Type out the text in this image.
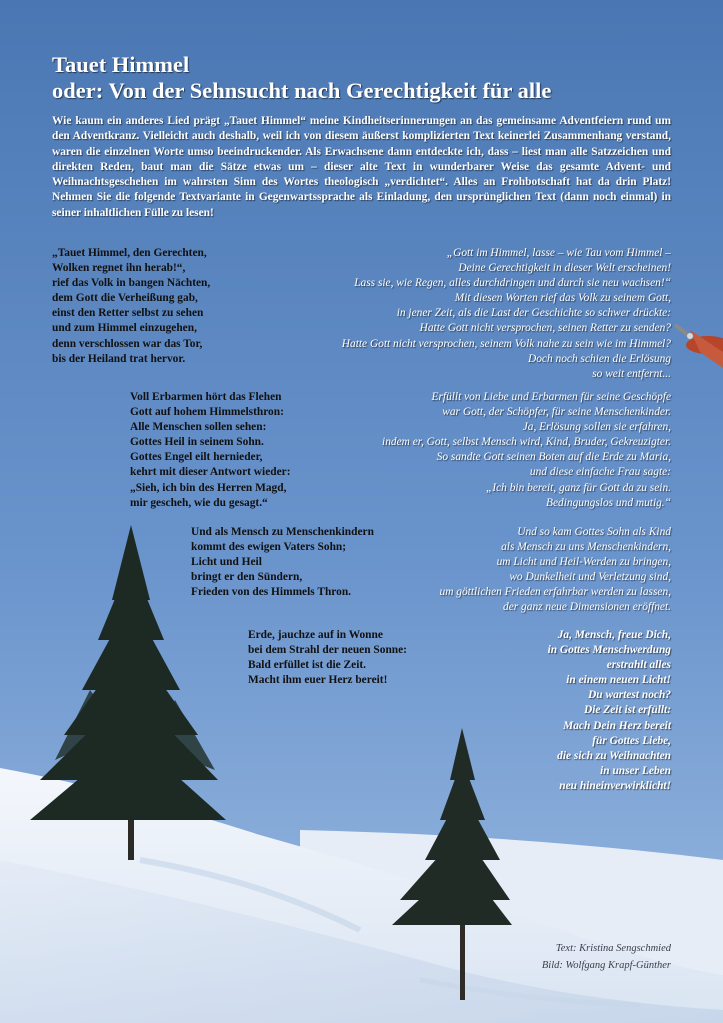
Tauet Himmel
oder: Von der Sehnsucht nach Gerechtigkeit für alle

Wie kaum ein anderes Lied prägt „Tauet Himmel“ meine Kindheitserinnerungen an das gemeinsame Adventfeiern rund um den Adventkranz. Vielleicht auch deshalb, weil ich von diesem äußerst komplizierten Text keinerlei Zusammenhang verstand, waren die einzelnen Worte umso beeindruckender. Als Erwachsene dann entdeckte ich, dass – liest man alle Satzzeichen und direkten Reden, baut man die Sätze etwas um – dieser alte Text in wunderbarer Weise das gesamte Advent- und Weihnachtsgeschehen im wahrsten Sinn des Wortes theologisch „verdichtet“. Alles an Frohbotschaft hat da drin Platz! Nehmen Sie die folgende Textvariante in Gegenwartssprache als Einladung, den ursprünglichen Text (dann noch einmal) in seiner inhaltlichen Fülle zu lesen!

„Tauet Himmel, den Gerechten,
Wolken regnet ihn herab!“,
rief das Volk in bangen Nächten,
dem Gott die Verheißung gab,
einst den Retter selbst zu sehen
und zum Himmel einzugehen,
denn verschlossen war das Tor,
bis der Heiland trat hervor.
„Gott im Himmel, lasse – wie Tau vom Himmel –
Deine Gerechtigkeit in dieser Welt erscheinen!
Lass sie, wie Regen, alles durchdringen und durch sie neu wachsen!“
Mit diesen Worten rief das Volk zu seinem Gott,
in jener Zeit, als die Last der Geschichte so schwer drückte:
Hatte Gott nicht versprochen, seinen Retter zu senden?
Hatte Gott nicht versprochen, seinem Volk nahe zu sein wie im Himmel?
Doch noch schien die Erlösung
so weit entfernt...
Voll Erbarmen hört das Flehen
Gott auf hohem Himmelsthron:
Alle Menschen sollen sehen:
Gottes Heil in seinem Sohn.
Gottes Engel eilt hernieder,
kehrt mit dieser Antwort wieder:
„Sieh, ich bin des Herren Magd,
mir gescheh, wie du gesagt.“
Erfüllt von Liebe und Erbarmen für seine Geschöpfe
war Gott, der Schöpfer, für seine Menschenkinder.
Ja, Erlösung sollen sie erfahren,
indem er, Gott, selbst Mensch wird, Kind, Bruder, Gekreuzigter.
So sandte Gott seinen Boten auf die Erde zu Maria,
und diese einfache Frau sagte:
„Ich bin bereit, ganz für Gott da zu sein.
Bedingungslos und mutig.“
Und als Mensch zu Menschenkindern
kommt des ewigen Vaters Sohn;
Licht und Heil
bringt er den Sündern,
Frieden von des Himmels Thron.
Und so kam Gottes Sohn als Kind
als Mensch zu uns Menschenkindern,
um Licht und Heil-Werden zu bringen,
wo Dunkelheit und Verletzung sind,
um göttlichen Frieden erfahrbar werden zu lassen,
der ganz neue Dimensionen eröffnet.
Erde, jauchze auf in Wonne
bei dem Strahl der neuen Sonne:
Bald erfüllet ist die Zeit.
Macht ihm euer Herz bereit!
Ja, Mensch, freue Dich,
in Gottes Menschwerdung
erstrahlt alles
in einem neuen Licht!
Du wartest noch?
Die Zeit ist erfüllt:
Mach Dein Herz bereit
für Gottes Liebe,
die sich zu Weihnachten
in unser Leben
neu hineinverwirklicht!
Text: Kristina Sengschmied
Bild: Wolfgang Krapf-Günther
